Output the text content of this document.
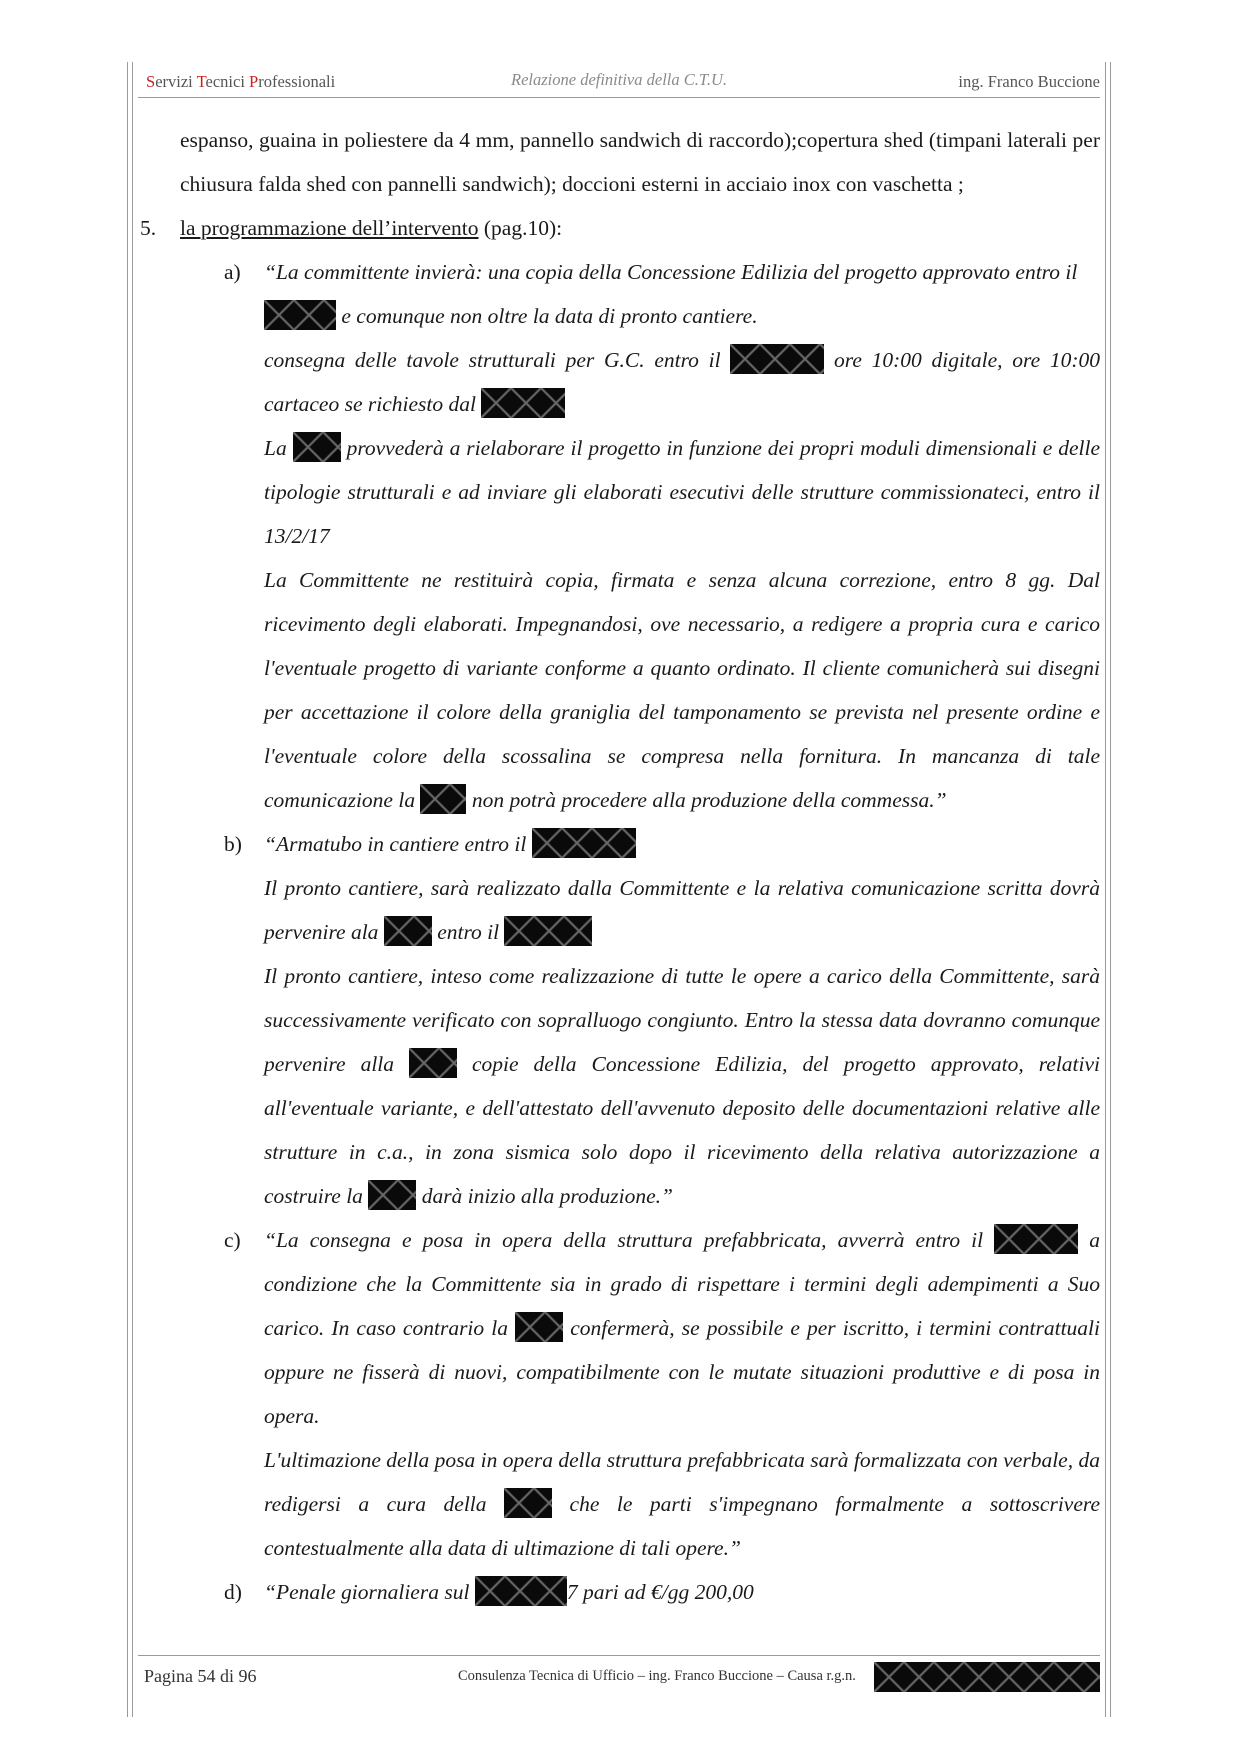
Servizi Tecnici Professionali	Relazione definitiva della C.T.U.	ing. Franco Buccione
espanso, guaina in poliestere da 4 mm, pannello sandwich di raccordo);copertura shed (timpani laterali per chiusura falda shed con pannelli sandwich); doccioni esterni in acciaio inox con vaschetta ;
5. la programmazione dell’intervento (pag.10):
a) “La committente invierà: una copia della Concessione Edilizia del progetto approvato entro il
e comunque non oltre la data di pronto cantiere.
consegna delle tavole strutturali per G.C. entro il	ore 10:00 digitale, ore 10:00 cartaceo se richiesto dal
La  provvederà a rielaborare il progetto in funzione dei propri moduli dimensionali e delle tipologie strutturali e ad inviare gli elaborati esecutivi delle strutture commissionateci, entro il 13/2/17
La Committente ne restituirà copia, firmata e senza alcuna correzione, entro 8 gg. Dal ricevimento degli elaborati. Impegnandosi, ove necessario, a redigere a propria cura e carico l'eventuale progetto di variante conforme a quanto ordinato. Il cliente comunicherà sui disegni per accettazione il colore della graniglia del tamponamento se prevista nel presente ordine e l'eventuale colore della scossalina se compresa nella fornitura. In mancanza di tale comunicazione la  non potrà procedere alla produzione della commessa.”
b) “Armatubo in cantiere entro il
Il pronto cantiere, sarà realizzato dalla Committente e la relativa comunicazione scritta dovrà pervenire ala  entro il
Il pronto cantiere, inteso come realizzazione di tutte le opere a carico della Committente, sarà successivamente verificato con sopralluogo congiunto. Entro la stessa data dovranno comunque pervenire alla  copie della Concessione Edilizia, del progetto approvato, relativi all'eventuale variante, e dell'attestato dell'avvenuto deposito delle documentazioni relative alle strutture in c.a., in zona sismica solo dopo il ricevimento della relativa autorizzazione a costruire la  darà inizio alla produzione.”
c) “La consegna e posa in opera della struttura prefabbricata, avverrà entro il	a condizione che la Committente sia in grado di rispettare i termini degli adempimenti a Suo carico. In caso contrario la  confermerà, se possibile e per iscritto, i termini contrattuali oppure ne fisserà di nuovi, compatibilmente con le mutate situazioni produttive e di posa in opera.
L'ultimazione della posa in opera della struttura prefabbricata sarà formalizzata con verbale, da redigersi a cura della  che le parti s'impegnano formalmente a sottoscrivere contestualmente alla data di ultimazione di tali opere.”
d) “Penale giornaliera sul	7 pari ad €/gg 200,00
Pagina 54 di 96	Consulenza Tecnica di Ufficio – ing. Franco Buccione – Causa r.g.n.
